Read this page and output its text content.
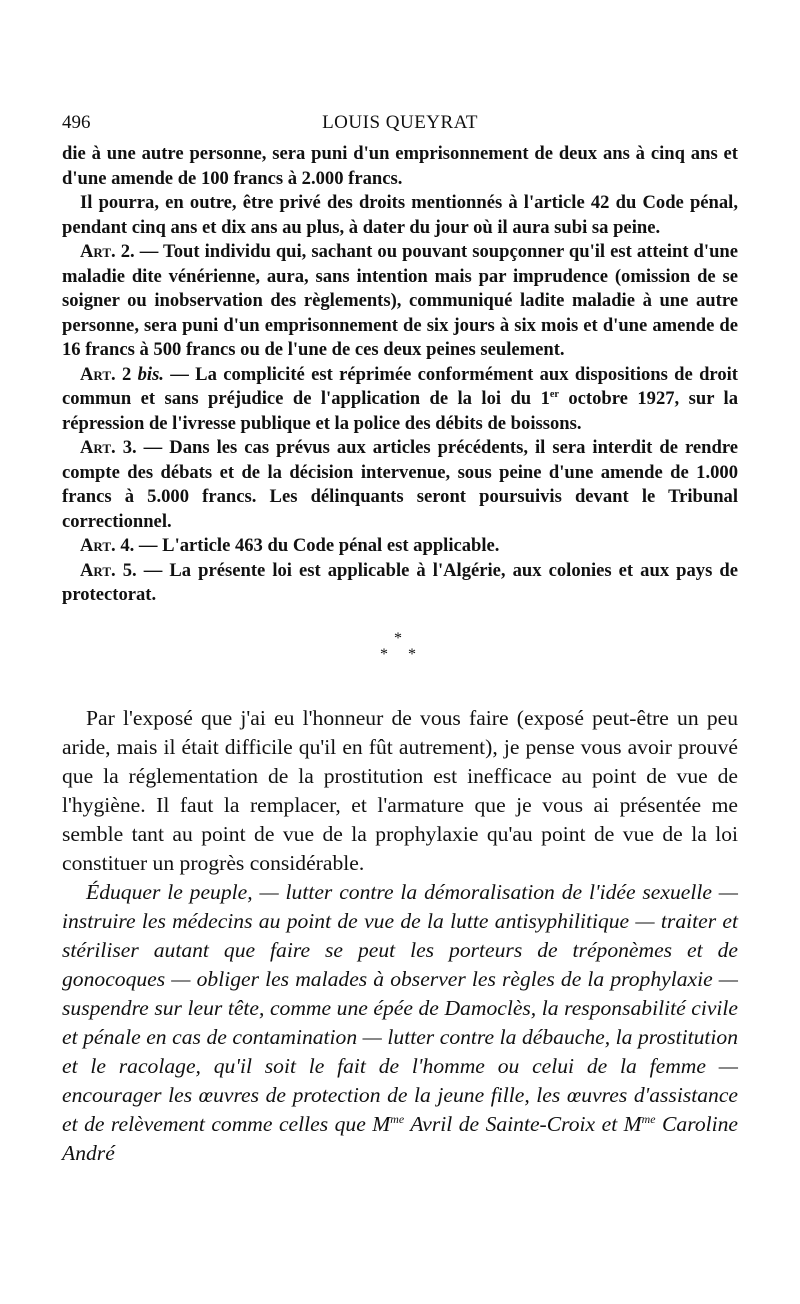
496	LOUIS QUEYRAT

die à une autre personne, sera puni d'un emprisonnement de deux ans à cinq ans et d'une amende de 100 francs à 2.000 francs.

Il pourra, en outre, être privé des droits mentionnés à l'article 42 du Code pénal, pendant cinq ans et dix ans au plus, à dater du jour où il aura subi sa peine.

Art. 2. — Tout individu qui, sachant ou pouvant soupçonner qu'il est atteint d'une maladie dite vénérienne, aura, sans intention mais par imprudence (omission de se soigner ou inobservation des règlements), communiqué ladite maladie à une autre personne, sera puni d'un emprisonnement de six jours à six mois et d'une amende de 16 francs à 500 francs ou de l'une de ces deux peines seulement.

Art. 2 bis. — La complicité est réprimée conformément aux dispositions de droit commun et sans préjudice de l'application de la loi du 1er octobre 1927, sur la répression de l'ivresse publique et la police des débits de boissons.

Art. 3. — Dans les cas prévus aux articles précédents, il sera interdit de rendre compte des débats et de la décision intervenue, sous peine d'une amende de 1.000 francs à 5.000 francs. Les délinquants seront poursuivis devant le Tribunal correctionnel.

Art. 4. — L'article 463 du Code pénal est applicable.

Art. 5. — La présente loi est applicable à l'Algérie, aux colonies et aux pays de protectorat.

*
* *

Par l'exposé que j'ai eu l'honneur de vous faire (exposé peut-être un peu aride, mais il était difficile qu'il en fût autrement), je pense vous avoir prouvé que la réglementation de la prostitution est inefficace au point de vue de l'hygiène. Il faut la remplacer, et l'armature que je vous ai présentée me semble tant au point de vue de la prophylaxie qu'au point de vue de la loi constituer un progrès considérable.

Éduquer le peuple, — lutter contre la démoralisation de l'idée sexuelle — instruire les médecins au point de vue de la lutte antisyphilitique — traiter et stériliser autant que faire se peut les porteurs de tréponèmes et de gonocoques — obliger les malades à observer les règles de la prophylaxie — suspendre sur leur tête, comme une épée de Damoclès, la responsabilité civile et pénale en cas de contamination — lutter contre la débauche, la prostitution et le racolage, qu'il soit le fait de l'homme ou celui de la femme — encourager les œuvres de protection de la jeune fille, les œuvres d'assistance et de relèvement comme celles que $M^{me}$ Avril de Sainte-Croix et $M^{me}$ Caroline André
